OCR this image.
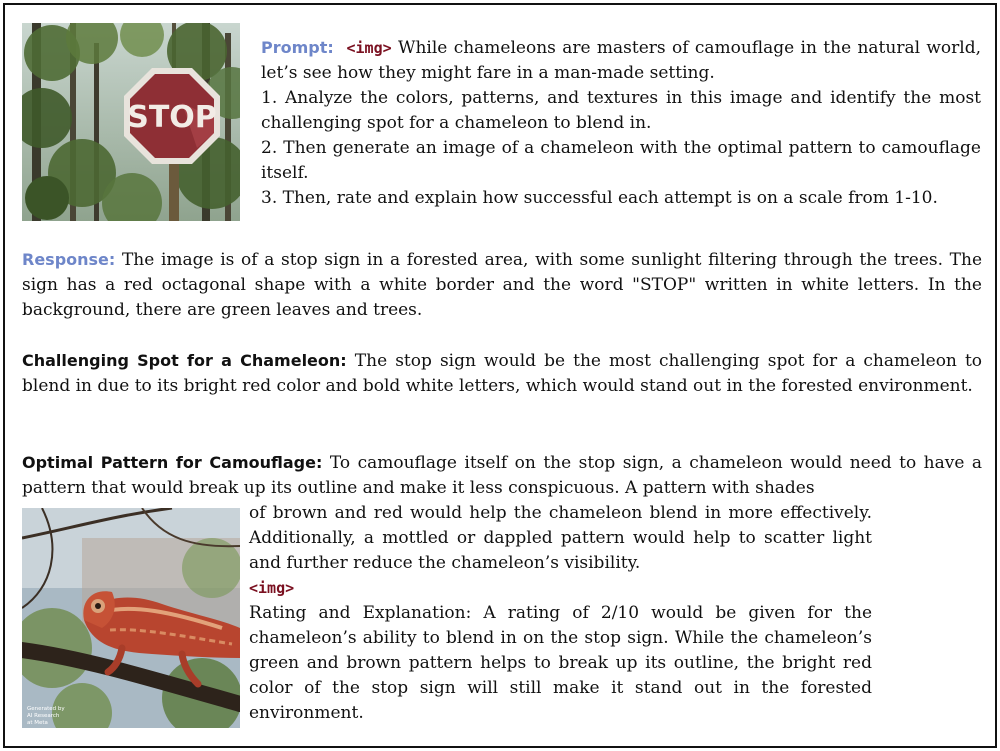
STOP
Prompt: <img> While chameleons are masters of camouflage in the natural world, let’s see how they might fare in a man-made setting.
1. Analyze the colors, patterns, and textures in this image and identify the most challenging spot for a chameleon to blend in.
2. Then generate an image of a chameleon with the optimal pattern to camouflage itself.
3. Then, rate and explain how successful each attempt is on a scale from 1-10.

Response: The image is of a stop sign in a forested area, with some sunlight filtering through the trees. The sign has a red octagonal shape with a white border and the word "STOP" written in white letters. In the background, there are green leaves and trees.

Challenging Spot for a Chameleon: The stop sign would be the most challenging spot for a chameleon to blend in due to its bright red color and bold white letters, which would stand out in the forested environment.

Optimal Pattern for Camouflage: To camouflage itself on the stop sign, a chameleon would need to have a pattern that would break up its outline and make it less conspicuous. A pattern with shades

Generated by
AI Research
at Meta

of brown and red would help the chameleon blend in more effectively. Additionally, a mottled or dappled pattern would help to scatter light and further reduce the chameleon’s visibility.

<img>

Rating and Explanation: A rating of 2/10 would be given for the chameleon’s ability to blend in on the stop sign. While the chameleon’s green and brown pattern helps to break up its outline, the bright red color of the stop sign will still make it stand out in the forested environment.
